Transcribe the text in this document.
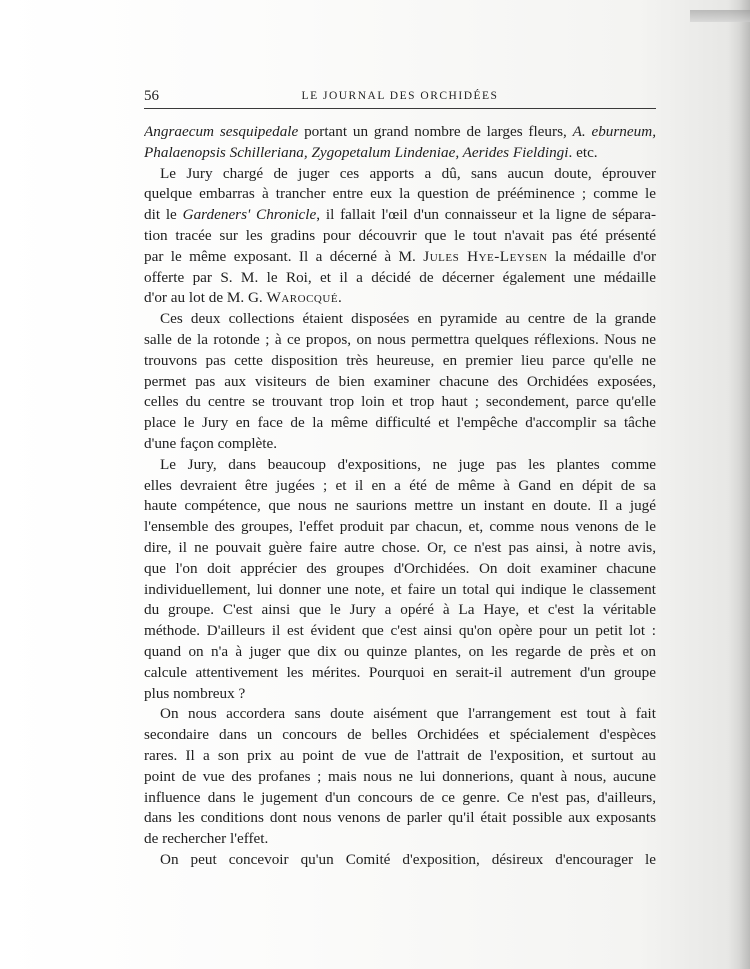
56	LE JOURNAL DES ORCHIDÉES
Angraecum sesquipedale portant un grand nombre de larges fleurs, A. eburneum,
Phalaenopsis Schilleriana, Zygopetalum Lindeniae, Aerides Fieldingi. etc.
Le Jury chargé de juger ces apports a dû, sans aucun doute, éprouver
quelque embarras à trancher entre eux la question de prééminence ; comme le
dit le Gardeners' Chronicle, il fallait l'œil d'un connaisseur et la ligne de sépara-
tion tracée sur les gradins pour découvrir que le tout n'avait pas été présenté
par le même exposant. Il a décerné à M. Jules Hye-Leysen la médaille d'or
offerte par S. M. le Roi, et il a décidé de décerner également une médaille
d'or au lot de M. G. Warocqué.
Ces deux collections étaient disposées en pyramide au centre de la grande
salle de la rotonde ; à ce propos, on nous permettra quelques réflexions. Nous ne
trouvons pas cette disposition très heureuse, en premier lieu parce qu'elle ne
permet pas aux visiteurs de bien examiner chacune des Orchidées exposées,
celles du centre se trouvant trop loin et trop haut ; secondement, parce qu'elle
place le Jury en face de la même difficulté et l'empêche d'accomplir sa tâche
d'une façon complète.
Le Jury, dans beaucoup d'expositions, ne juge pas les plantes comme
elles devraient être jugées ; et il en a été de même à Gand en dépit de sa
haute compétence, que nous ne saurions mettre un instant en doute. Il a jugé
l'ensemble des groupes, l'effet produit par chacun, et, comme nous venons de le
dire, il ne pouvait guère faire autre chose. Or, ce n'est pas ainsi, à notre avis,
que l'on doit apprécier des groupes d'Orchidées. On doit examiner chacune
individuellement, lui donner une note, et faire un total qui indique le classement
du groupe. C'est ainsi que le Jury a opéré à La Haye, et c'est la véritable
méthode. D'ailleurs il est évident que c'est ainsi qu'on opère pour un petit lot :
quand on n'a à juger que dix ou quinze plantes, on les regarde de près et on
calcule attentivement les mérites. Pourquoi en serait-il autrement d'un groupe
plus nombreux ?
On nous accordera sans doute aisément que l'arrangement est tout à fait
secondaire dans un concours de belles Orchidées et spécialement d'espèces
rares. Il a son prix au point de vue de l'attrait de l'exposition, et surtout au
point de vue des profanes ; mais nous ne lui donnerions, quant à nous, aucune
influence dans le jugement d'un concours de ce genre. Ce n'est pas, d'ailleurs,
dans les conditions dont nous venons de parler qu'il était possible aux exposants
de rechercher l'effet.
On peut concevoir qu'un Comité d'exposition, désireux d'encourager le
